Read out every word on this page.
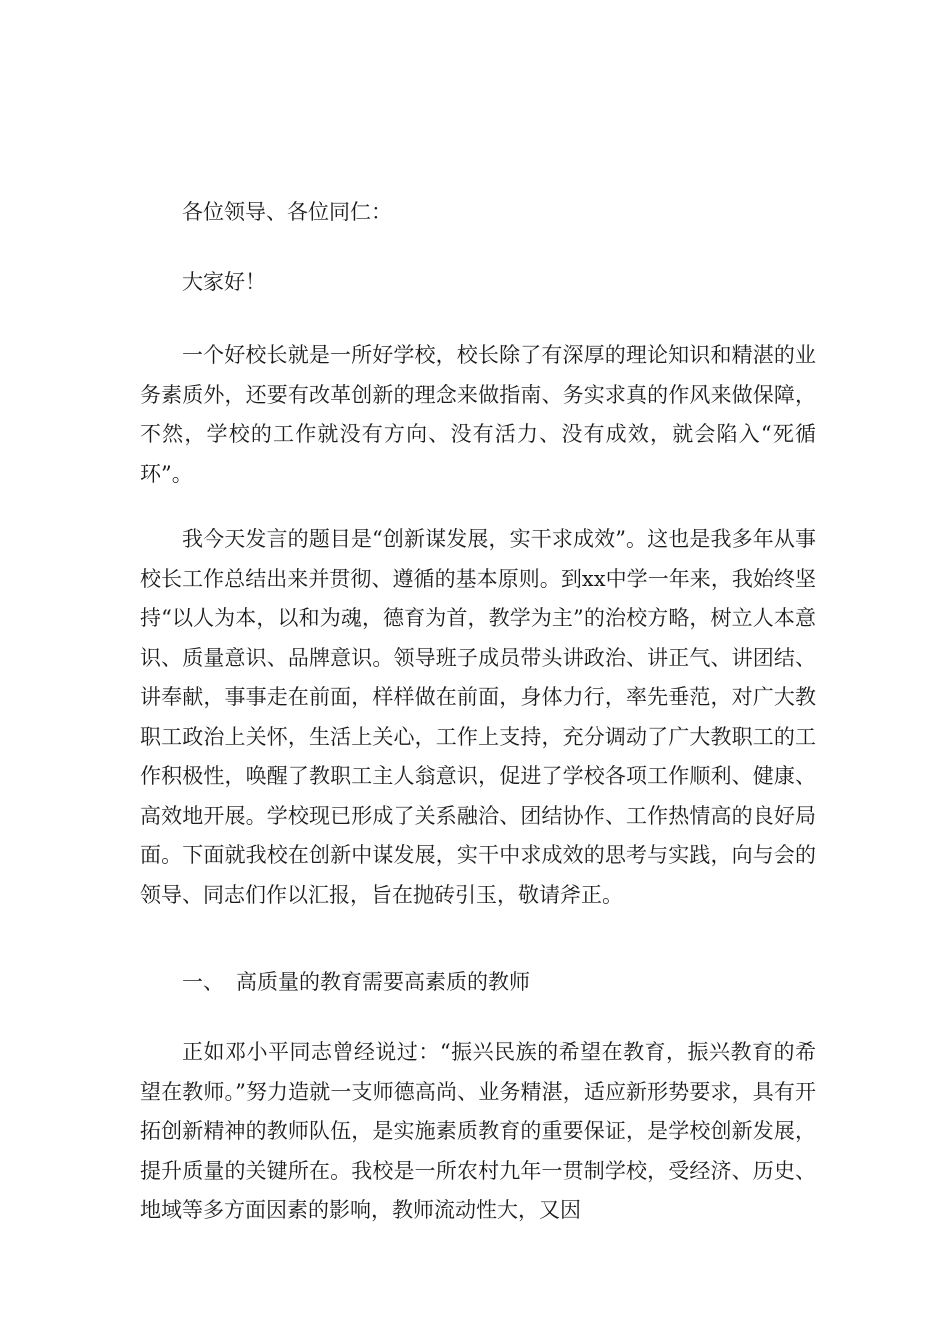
各位领导、各位同仁：

大家好！

一个好校长就是一所好学校，校长除了有深厚的理论知识和精湛的业务素质外，还要有改革创新的理念来做指南、务实求真的作风来做保障，不然，学校的工作就没有方向、没有活力、没有成效，就会陷入“死循环”。

我今天发言的题目是“创新谋发展，实干求成效”。这也是我多年从事校长工作总结出来并贯彻、遵循的基本原则。到xx中学一年来，我始终坚持“以人为本，以和为魂，德育为首，教学为主”的治校方略，树立人本意识、质量意识、品牌意识。领导班子成员带头讲政治、讲正气、讲团结、讲奉献，事事走在前面，样样做在前面，身体力行，率先垂范，对广大教职工政治上关怀，生活上关心，工作上支持，充分调动了广大教职工的工作积极性，唤醒了教职工主人翁意识，促进了学校各项工作顺利、健康、高效地开展。学校现已形成了关系融洽、团结协作、工作热情高的良好局面。下面就我校在创新中谋发展，实干中求成效的思考与实践，向与会的领导、同志们作以汇报，旨在抛砖引玉，敬请斧正。

一、 高质量的教育需要高素质的教师

正如邓小平同志曾经说过：“振兴民族的希望在教育，振兴教育的希望在教师。”努力造就一支师德高尚、业务精湛，适应新形势要求，具有开拓创新精神的教师队伍，是实施素质教育的重要保证，是学校创新发展，提升质量的关键所在。我校是一所农村九年一贯制学校，受经济、历史、地域等多方面因素的影响，教师流动性大，又因
